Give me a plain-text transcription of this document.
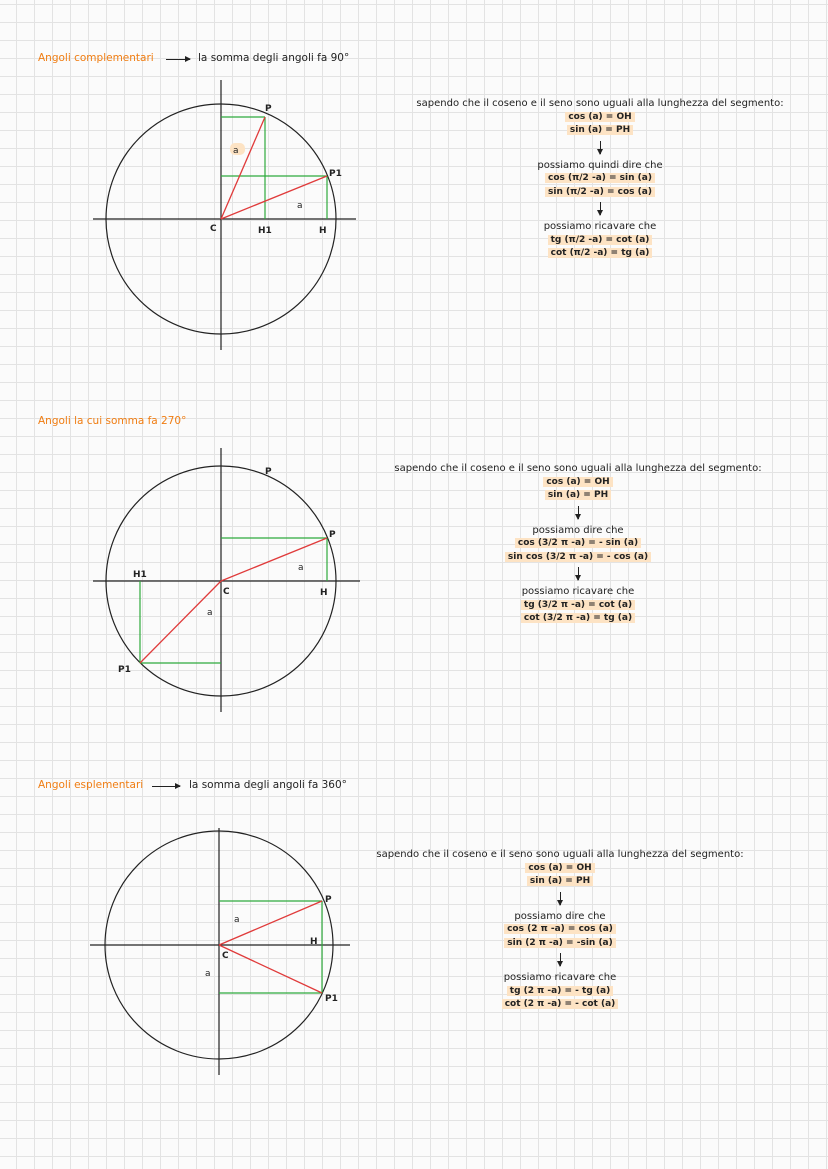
Angoli complementari	la somma degli angoli fa 90°
a
a
P
P1
C	H1	H
sapendo che il coseno e il seno sono uguali alla lunghezza del segmento:
cos (a) = OH
sin (a) = PH
possiamo quindi dire che
cos (π/2 -a) = sin (a)
sin (π/2 -a) = cos (a)
possiamo ricavare che
tg (π/2 -a) = cot (a)
cot (π/2 -a) = tg (a)
Angoli la cui somma fa 270°
P
P
a
a
H1
C	H
P1
sapendo che il coseno e il seno sono uguali alla lunghezza del segmento:
cos (a) = OH
sin (a) = PH
possiamo dire che
cos (3/2 π -a) = - sin (a)
sin cos (3/2 π -a) = - cos (a)
possiamo ricavare che
tg (3/2 π -a) = cot (a)
cot (3/2 π -a) = tg (a)
Angoli esplementari	la somma degli angoli fa 360°
a
a
P
H
C
P1
sapendo che il coseno e il seno sono uguali alla lunghezza del segmento:
cos (a) = OH
sin (a) = PH
possiamo dire che
cos (2 π -a) = cos (a)
sin (2 π -a) = -sin (a)
possiamo ricavare che
tg (2 π -a) = - tg (a)
cot (2 π -a) = - cot (a)
